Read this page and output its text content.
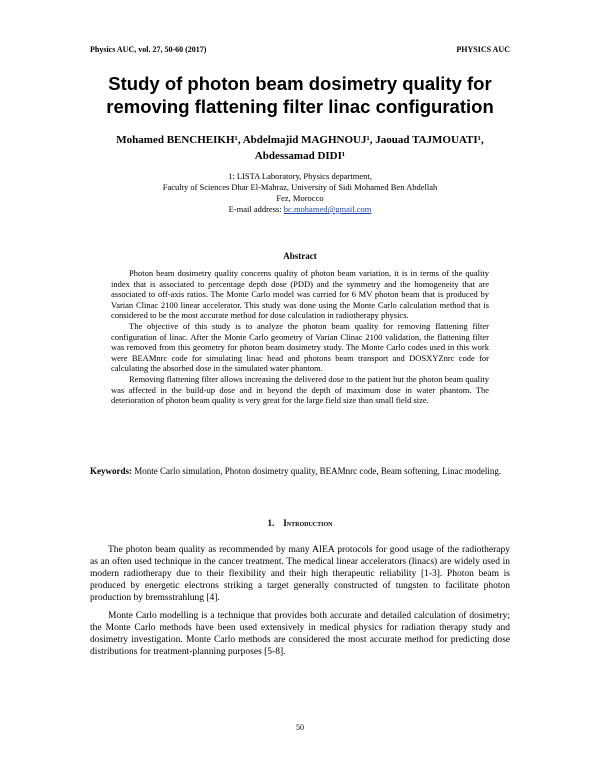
Physics AUC, vol. 27, 50-60 (2017)	PHYSICS AUC
Study of photon beam dosimetry quality for removing flattening filter linac configuration
Mohamed BENCHEIKH¹, Abdelmajid MAGHNOUJ¹, Jaouad TAJMOUATI¹,
Abdessamad DIDI¹
1: LISTA Laboratory, Physics department,
Faculty of Sciences Dhar El-Mahraz, University of Sidi Mohamed Ben Abdellah
Fez, Morocco
E-mail address: bc.mohamed@gmail.com
Abstract

Photon beam dosimetry quality concerns quality of photon beam variation, it is in terms of the quality index that is associated to percentage depth dose (PDD) and the symmetry and the homogeneity that are associated to off-axis ratios. The Monte Carlo model was carried for 6 MV photon beam that is produced by Varian Clinac 2100 linear accelerator. This study was done using the Monte Carlo calculation method that is considered to be the most accurate method for dose calculation in radiotherapy physics.

The objective of this study is to analyze the photon beam quality for removing flattening filter configuration of linac. After the Monte Carlo geometry of Varian Clinac 2100 validation, the flattening filter was removed from this geometry for photon beam dosimetry study. The Monte Carlo codes used in this work were BEAMnrc code for simulating linac head and photons beam transport and DOSXYZnrc code for calculating the absorbed dose in the simulated water phantom.

Removing flattening filter allows increasing the delivered dose to the patient but the photon beam quality was affected in the build-up dose and in beyond the depth of maximum dose in water phantom. The deterioration of photon beam quality is very great for the large field size than small field size.

Keywords: Monte Carlo simulation, Photon dosimetry quality, BEAMnrc code, Beam softening, Linac modeling.
1. Introduction

The photon beam quality as recommended by many AIEA protocols for good usage of the radiotherapy as an often used technique in the cancer treatment. The medical linear accelerators (linacs) are widely used in modern radiotherapy due to their flexibility and their high therapeutic reliability [1-3]. Photon beam is produced by energetic electrons striking a target generally constructed of tungsten to facilitate photon production by bremsstrahlung [4].

Monte Carlo modelling is a technique that provides both accurate and detailed calculation of dosimetry; the Monte Carlo methods have been used extensively in medical physics for radiation therapy study and dosimetry investigation. Monte Carlo methods are considered the most accurate method for predicting dose distributions for treatment-planning purposes [5-8].

50
